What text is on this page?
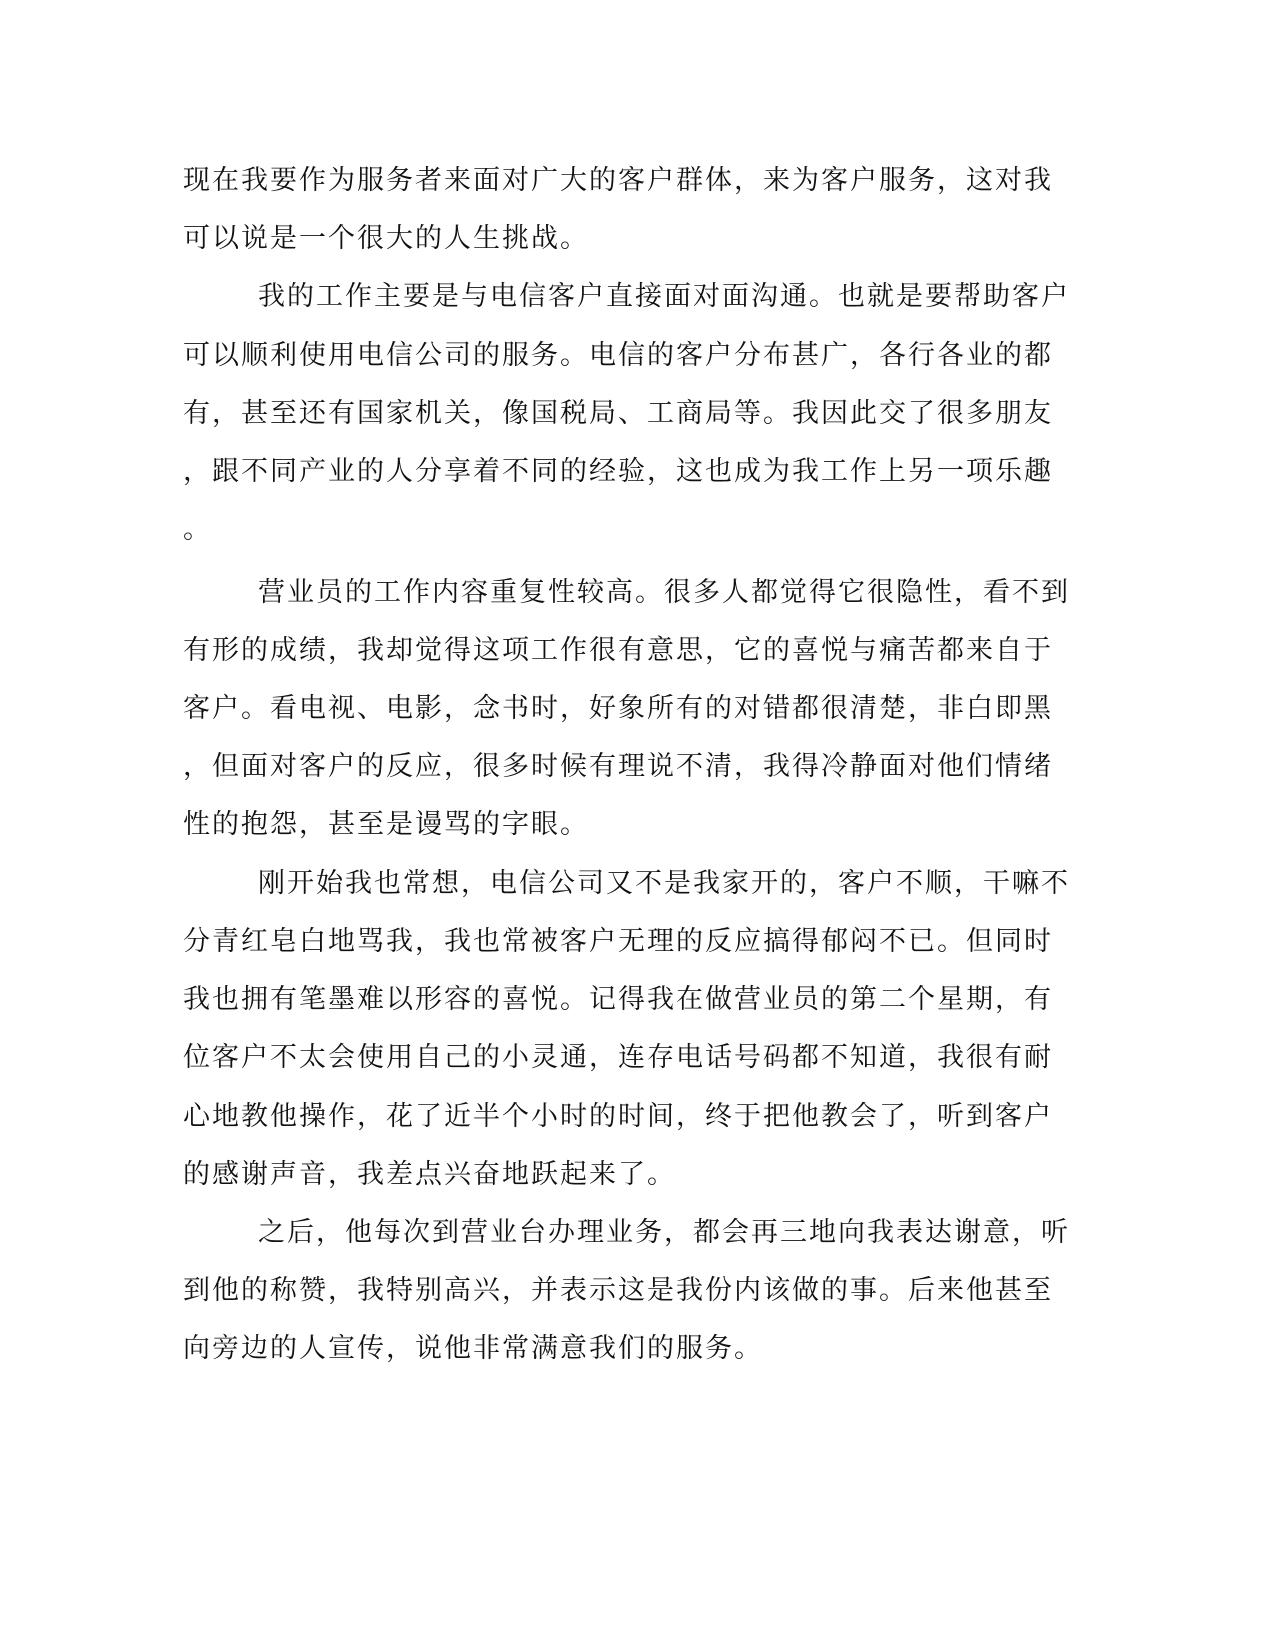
现在我要作为服务者来面对广大的客户群体，来为客户服务，这对我
可以说是一个很大的人生挑战。
我的工作主要是与电信客户直接面对面沟通。也就是要帮助客户
可以顺利使用电信公司的服务。电信的客户分布甚广，各行各业的都
有，甚至还有国家机关，像国税局、工商局等。我因此交了很多朋友
，跟不同产业的人分享着不同的经验，这也成为我工作上另一项乐趣
。
营业员的工作内容重复性较高。很多人都觉得它很隐性，看不到
有形的成绩，我却觉得这项工作很有意思，它的喜悦与痛苦都来自于
客户。看电视、电影，念书时，好象所有的对错都很清楚，非白即黑
，但面对客户的反应，很多时候有理说不清，我得冷静面对他们情绪
性的抱怨，甚至是谩骂的字眼。
刚开始我也常想，电信公司又不是我家开的，客户不顺，干嘛不
分青红皂白地骂我，我也常被客户无理的反应搞得郁闷不已。但同时
我也拥有笔墨难以形容的喜悦。记得我在做营业员的第二个星期，有
位客户不太会使用自己的小灵通，连存电话号码都不知道，我很有耐
心地教他操作，花了近半个小时的时间，终于把他教会了，听到客户
的感谢声音，我差点兴奋地跃起来了。
之后，他每次到营业台办理业务，都会再三地向我表达谢意，听
到他的称赞，我特别高兴，并表示这是我份内该做的事。后来他甚至
向旁边的人宣传，说他非常满意我们的服务。
